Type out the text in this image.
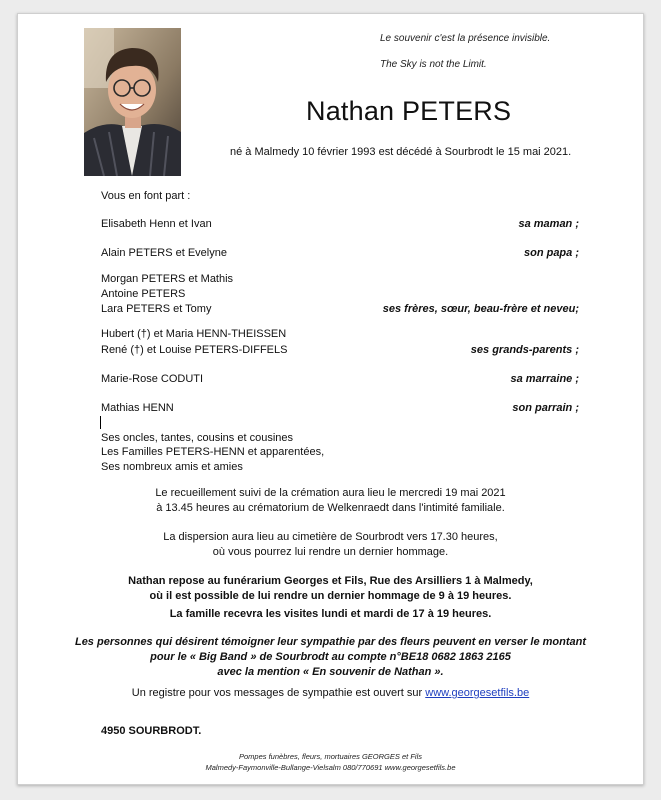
Le souvenir c'est la présence invisible.
The Sky is not the Limit.
Nathan PETERS
né à Malmedy 10 février 1993 est décédé à Sourbrodt le 15 mai 2021.
Vous en font part :
Elisabeth Henn et Ivan	sa maman ;
Alain PETERS et Evelyne	son papa ;
Morgan PETERS et Mathis
Antoine PETERS
Lara PETERS et Tomy	ses frères, sœur, beau-frère et neveu;
Hubert (†) et Maria HENN-THEISSEN
René (†) et Louise PETERS-DIFFELS	ses grands-parents ;
Marie-Rose CODUTI	sa marraine ;
Mathias HENN	son parrain ;
Ses oncles, tantes, cousins et cousines
Les Familles PETERS-HENN et apparentées,
Ses nombreux amis et amies
Le recueillement suivi de la crémation aura lieu le mercredi 19 mai 2021
à 13.45 heures au crématorium de Welkenraedt dans l'intimité familiale.
La dispersion aura lieu au cimetière de Sourbrodt vers 17.30 heures,
où vous pourrez lui rendre un dernier hommage.
Nathan repose au funérarium Georges et Fils, Rue des Arsilliers 1 à Malmedy,
où il est possible de lui rendre un dernier hommage de 9 à 19 heures.
La famille recevra les visites lundi et mardi de 17 à 19 heures.
Les personnes qui désirent témoigner leur sympathie par des fleurs peuvent en verser le montant
pour le « Big Band » de Sourbrodt au compte n°BE18 0682 1863 2165
avec la mention « En souvenir de Nathan ».
Un registre pour vos messages de sympathie est ouvert sur www.georgesetfils.be
4950 SOURBRODT.
Pompes funèbres, fleurs, mortuaires GEORGES et Fils
Malmedy-Faymonville-Bullange-Vielsalm 080/770691 www.georgesetfils.be
